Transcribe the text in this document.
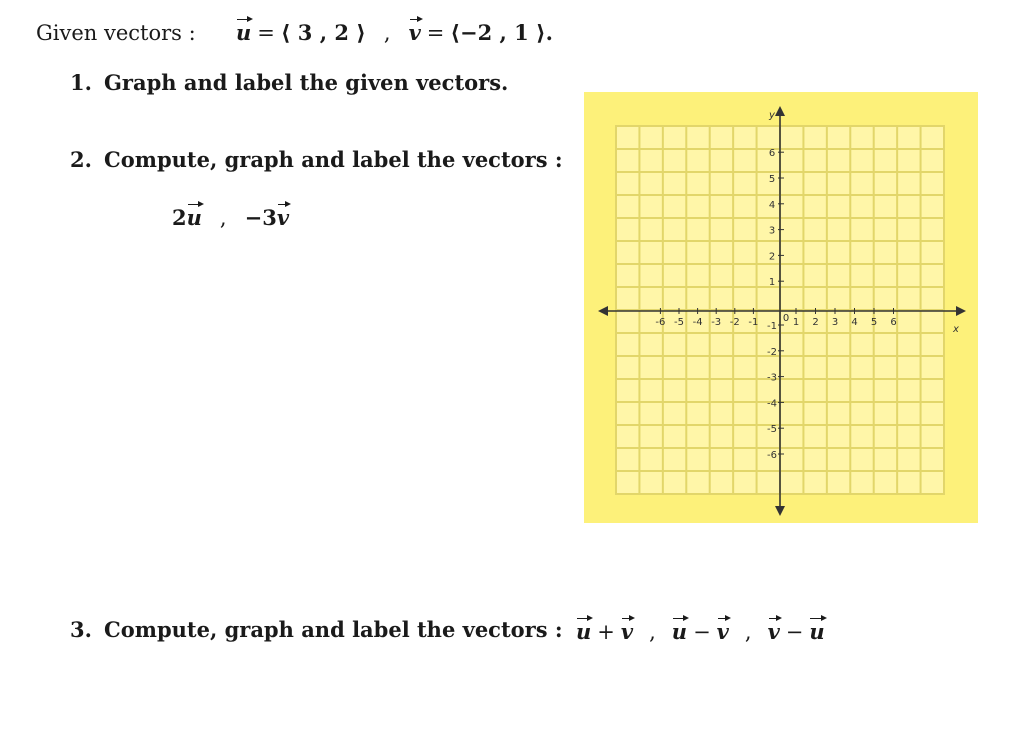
Given vectors :	u = ⟨ 3 , 2 ⟩ , v = ⟨−2 , 1 ⟩.
1. Graph and label the given vectors.
2. Compute, graph and label the vectors :
2u , −3v
3. Compute, graph and label the vectors : u + v , u − v , v − u
y
x
0
-6 -5 -4 -3 -2 -1	1 2 3 4 5 6
6
5
4
3
2
1
-1
-2
-3
-4
-5
-6
